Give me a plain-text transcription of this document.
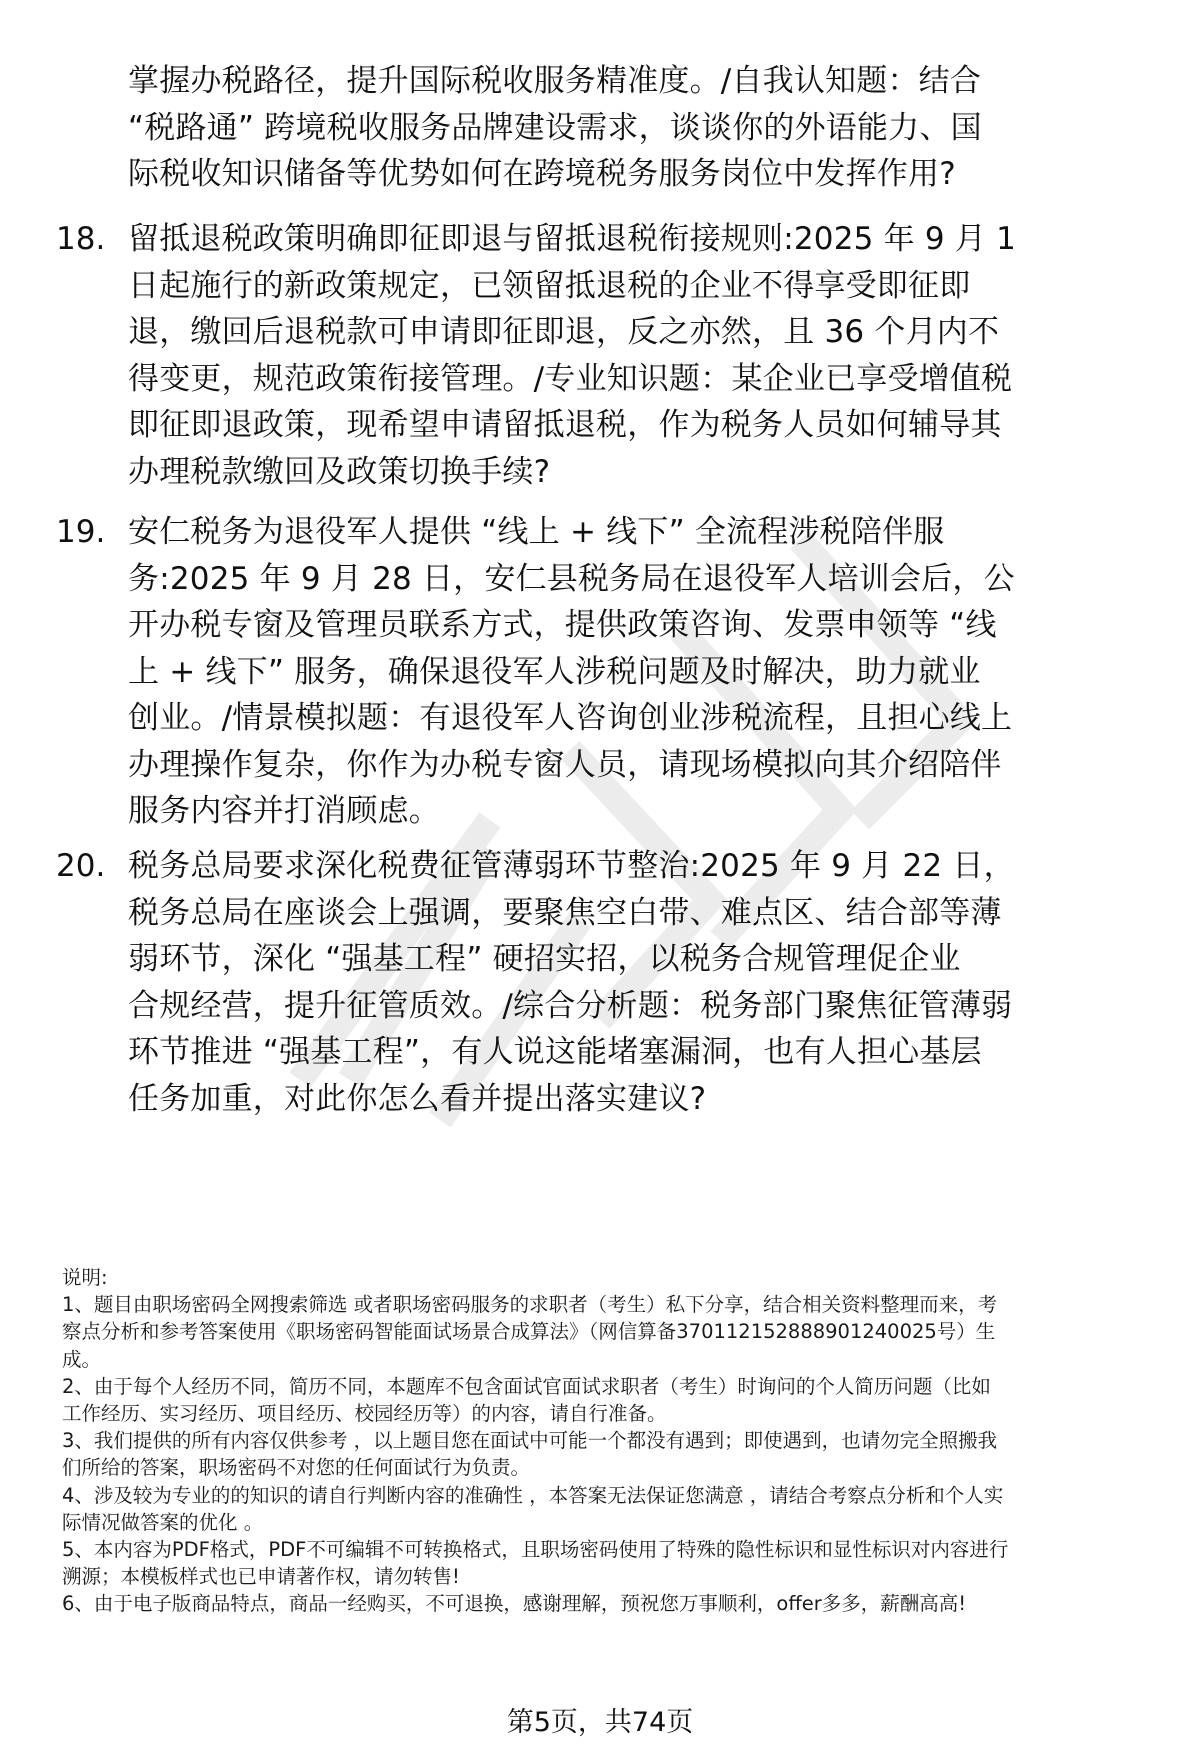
掌握办税路径，提升国际税收服务精准度。/自我认知题：结合
“税路通” 跨境税收服务品牌建设需求，谈谈你的外语能力、国
际税收知识储备等优势如何在跨境税务服务岗位中发挥作用?
18. 留抵退税政策明确即征即退与留抵退税衔接规则:2025 年 9 月 1
日起施行的新政策规定，已领留抵退税的企业不得享受即征即
退，缴回后退税款可申请即征即退，反之亦然，且 36 个月内不
得变更，规范政策衔接管理。/专业知识题：某企业已享受增值税
即征即退政策，现希望申请留抵退税，作为税务人员如何辅导其
办理税款缴回及政策切换手续?
19. 安仁税务为退役军人提供 “线上 + 线下” 全流程涉税陪伴服
务:2025 年 9 月 28 日，安仁县税务局在退役军人培训会后，公
开办税专窗及管理员联系方式，提供政策咨询、发票申领等 “线
上 + 线下” 服务，确保退役军人涉税问题及时解决，助力就业
创业。/情景模拟题：有退役军人咨询创业涉税流程，且担心线上
办理操作复杂，你作为办税专窗人员，请现场模拟向其介绍陪伴
服务内容并打消顾虑。
20. 税务总局要求深化税费征管薄弱环节整治:2025 年 9 月 22 日，
税务总局在座谈会上强调，要聚焦空白带、难点区、结合部等薄
弱环节，深化 “强基工程” 硬招实招，以税务合规管理促企业
合规经营，提升征管质效。/综合分析题：税务部门聚焦征管薄弱
环节推进 “强基工程”，有人说这能堵塞漏洞，也有人担心基层
任务加重，对此你怎么看并提出落实建议?
说明:
1、题目由职场密码全网搜索筛选 或者职场密码服务的求职者（考生）私下分享，结合相关资料整理而来，考
察点分析和参考答案使用《职场密码智能面试场景合成算法》（网信算备370112152888901240025号）生
成。
2、由于每个人经历不同，简历不同，本题库不包含面试官面试求职者（考生）时询问的个人简历问题（比如
工作经历、实习经历、项目经历、校园经历等）的内容，请自行准备。
3、我们提供的所有内容仅供参考 ，以上题目您在面试中可能一个都没有遇到；即使遇到，也请勿完全照搬我
们所给的答案，职场密码不对您的任何面试行为负责。
4、涉及较为专业的的知识的请自行判断内容的准确性 ，本答案无法保证您满意 ，请结合考察点分析和个人实
际情况做答案的优化 。
5、本内容为PDF格式，PDF不可编辑不可转换格式，且职场密码使用了特殊的隐性标识和显性标识对内容进行
溯源；本模板样式也已申请著作权，请勿转售!
6、由于电子版商品特点，商品一经购买，不可退换，感谢理解，预祝您万事顺利，offer多多，薪酬高高!
第5页，共74页
